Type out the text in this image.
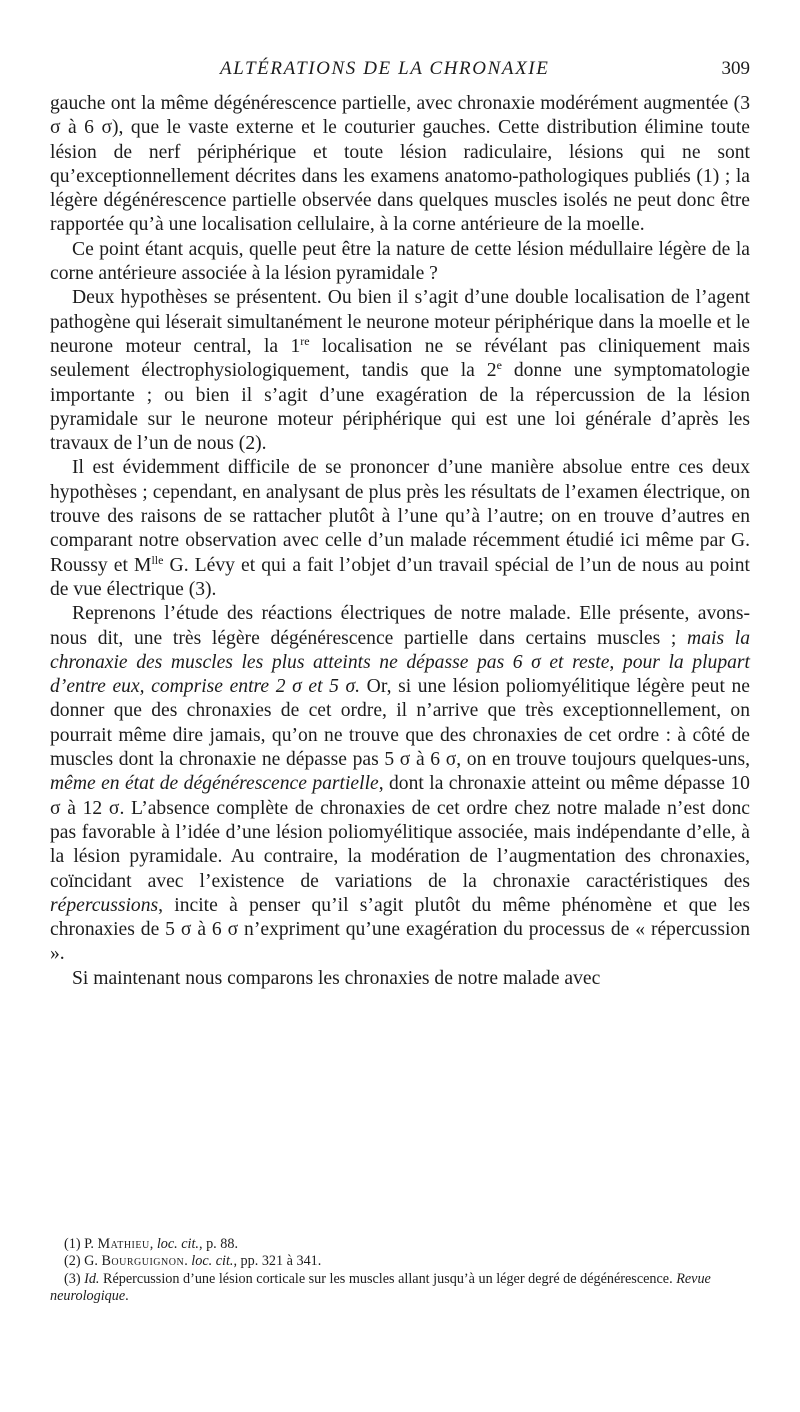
ALTÉRATIONS DE LA CHRONAXIE	309

gauche ont la même dégénérescence partielle, avec chronaxie modérément augmentée (3 σ à 6 σ), que le vaste externe et le couturier gauches. Cette distribution élimine toute lésion de nerf périphérique et toute lésion radiculaire, lésions qui ne sont qu’exceptionnellement décrites dans les examens anatomo-pathologiques publiés (1) ; la légère dégénérescence partielle observée dans quelques muscles isolés ne peut donc être rapportée qu’à une localisation cellulaire, à la corne antérieure de la moelle.

Ce point étant acquis, quelle peut être la nature de cette lésion médullaire légère de la corne antérieure associée à la lésion pyramidale ?

Deux hypothèses se présentent. Ou bien il s’agit d’une double localisation de l’agent pathogène qui léserait simultanément le neurone moteur périphérique dans la moelle et le neurone moteur central, la 1re localisation ne se révélant pas cliniquement mais seulement électrophysiologiquement, tandis que la 2e donne une symptomatologie importante ; ou bien il s’agit d’une exagération de la répercussion de la lésion pyramidale sur le neurone moteur périphérique qui est une loi générale d’après les travaux de l’un de nous (2).

Il est évidemment difficile de se prononcer d’une manière absolue entre ces deux hypothèses ; cependant, en analysant de plus près les résultats de l’examen électrique, on trouve des raisons de se rattacher plutôt à l’une qu’à l’autre; on en trouve d’autres en comparant notre observation avec celle d’un malade récemment étudié ici même par G. Roussy et $M^{lle}$ G. Lévy et qui a fait l’objet d’un travail spécial de l’un de nous au point de vue électrique (3).

Reprenons l’étude des réactions électriques de notre malade. Elle présente, avons-nous dit, une très légère dégénérescence partielle dans certains muscles ; mais la chronaxie des muscles les plus atteints ne dépasse pas 6 σ et reste, pour la plupart d’entre eux, comprise entre 2 σ et 5 σ. Or, si une lésion poliomyélitique légère peut ne donner que des chronaxies de cet ordre, il n’arrive que très exceptionnellement, on pourrait même dire jamais, qu’on ne trouve que des chronaxies de cet ordre : à côté de muscles dont la chronaxie ne dépasse pas 5 σ à 6 σ, on en trouve toujours quelques-uns, même en état de dégénérescence partielle, dont la chronaxie atteint ou même dépasse 10 σ à 12 σ. L’absence complète de chronaxies de cet ordre chez notre malade n’est donc pas favorable à l’idée d’une lésion poliomyélitique associée, mais indépendante d’elle, à la lésion pyramidale. Au contraire, la modération de l’augmentation des chronaxies, coïncidant avec l’existence de variations de la chronaxie caractéristiques des répercussions, incite à penser qu’il s’agit plutôt du même phénomène et que les chronaxies de 5 σ à 6 σ n’expriment qu’une exagération du processus de « répercussion ».

Si maintenant nous comparons les chronaxies de notre malade avec

(1) P. Mathieu, loc. cit., p. 88.

(2) G. Bourguignon. loc. cit., pp. 321 à 341.

(3) Id. Répercussion d’une lésion corticale sur les muscles allant jusqu’à un léger degré de dégénérescence. Revue neurologique.
